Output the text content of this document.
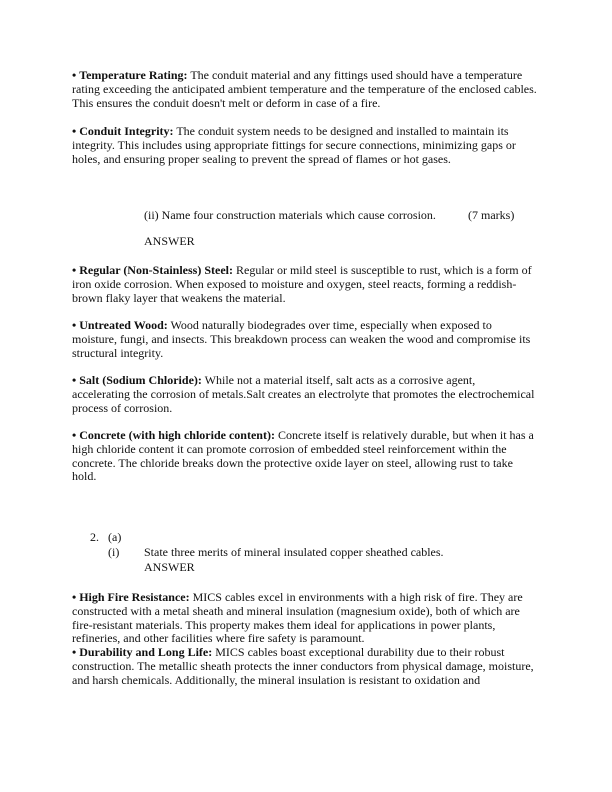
• Temperature Rating: The conduit material and any fittings used should have a temperature
rating exceeding the anticipated ambient temperature and the temperature of the enclosed cables.
This ensures the conduit doesn't melt or deform in case of a fire.
• Conduit Integrity: The conduit system needs to be designed and installed to maintain its
integrity. This includes using appropriate fittings for secure connections, minimizing gaps or
holes, and ensuring proper sealing to prevent the spread of flames or hot gases.
(ii) Name four construction materials which cause corrosion.	(7 marks)
ANSWER
• Regular (Non-Stainless) Steel: Regular or mild steel is susceptible to rust, which is a form of
iron oxide corrosion. When exposed to moisture and oxygen, steel reacts, forming a reddish-
brown flaky layer that weakens the material.
• Untreated Wood: Wood naturally biodegrades over time, especially when exposed to
moisture, fungi, and insects. This breakdown process can weaken the wood and compromise its
structural integrity.
• Salt (Sodium Chloride): While not a material itself, salt acts as a corrosive agent,
accelerating the corrosion of metals.Salt creates an electrolyte that promotes the electrochemical
process of corrosion.
• Concrete (with high chloride content): Concrete itself is relatively durable, but when it has a
high chloride content it can promote corrosion of embedded steel reinforcement within the
concrete. The chloride breaks down the protective oxide layer on steel, allowing rust to take
hold.
2. (a)
(i) State three merits of mineral insulated copper sheathed cables.
ANSWER
• High Fire Resistance: MICS cables excel in environments with a high risk of fire. They are
constructed with a metal sheath and mineral insulation (magnesium oxide), both of which are
fire-resistant materials. This property makes them ideal for applications in power plants,
refineries, and other facilities where fire safety is paramount.
• Durability and Long Life: MICS cables boast exceptional durability due to their robust
construction. The metallic sheath protects the inner conductors from physical damage, moisture,
and harsh chemicals. Additionally, the mineral insulation is resistant to oxidation and
